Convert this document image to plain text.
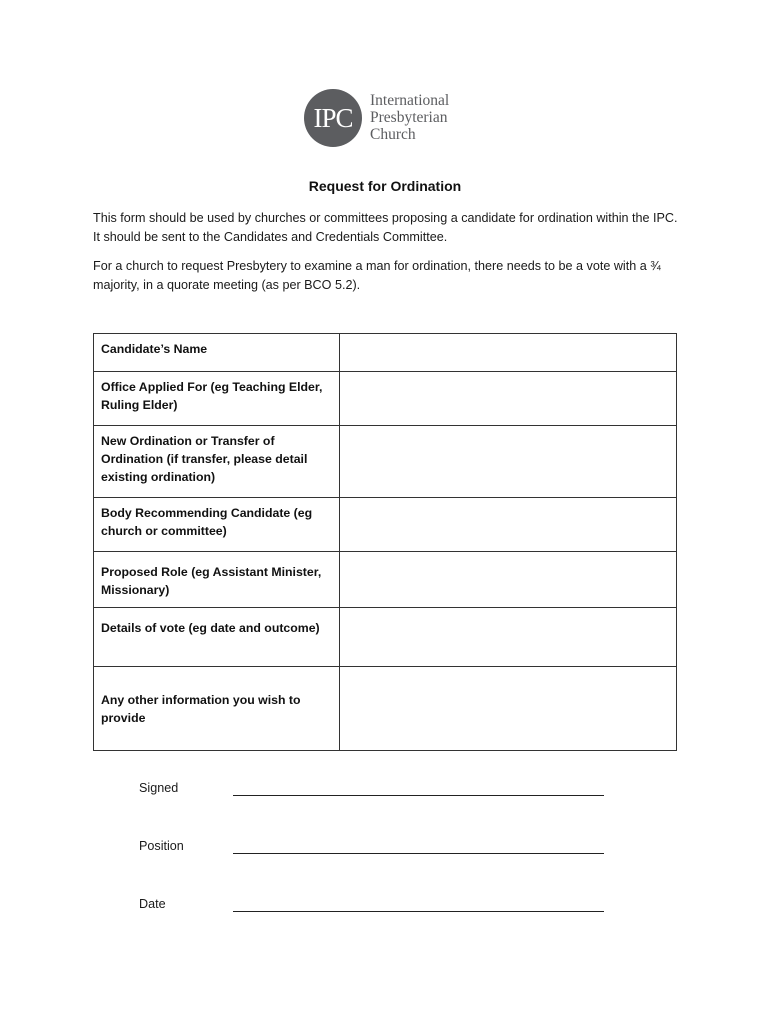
IPC
International
Presbyterian
Church
Request for Ordination
This form should be used by churches or committees proposing a candidate for ordination within the IPC. It should be sent to the Candidates and Credentials Committee.
For a church to request Presbytery to examine a man for ordination, there needs to be a vote with a ¾ majority, in a quorate meeting (as per BCO 5.2).
Candidate’s Name	
Office Applied For (eg Teaching Elder, Ruling Elder)	
New Ordination or Transfer of Ordination (if transfer, please detail existing ordination)	
Body Recommending Candidate (eg church or committee)	
Proposed Role (eg Assistant Minister, Missionary)	
Details of vote (eg date and outcome)	
Any other information you wish to provide	
Signed
Position
Date
